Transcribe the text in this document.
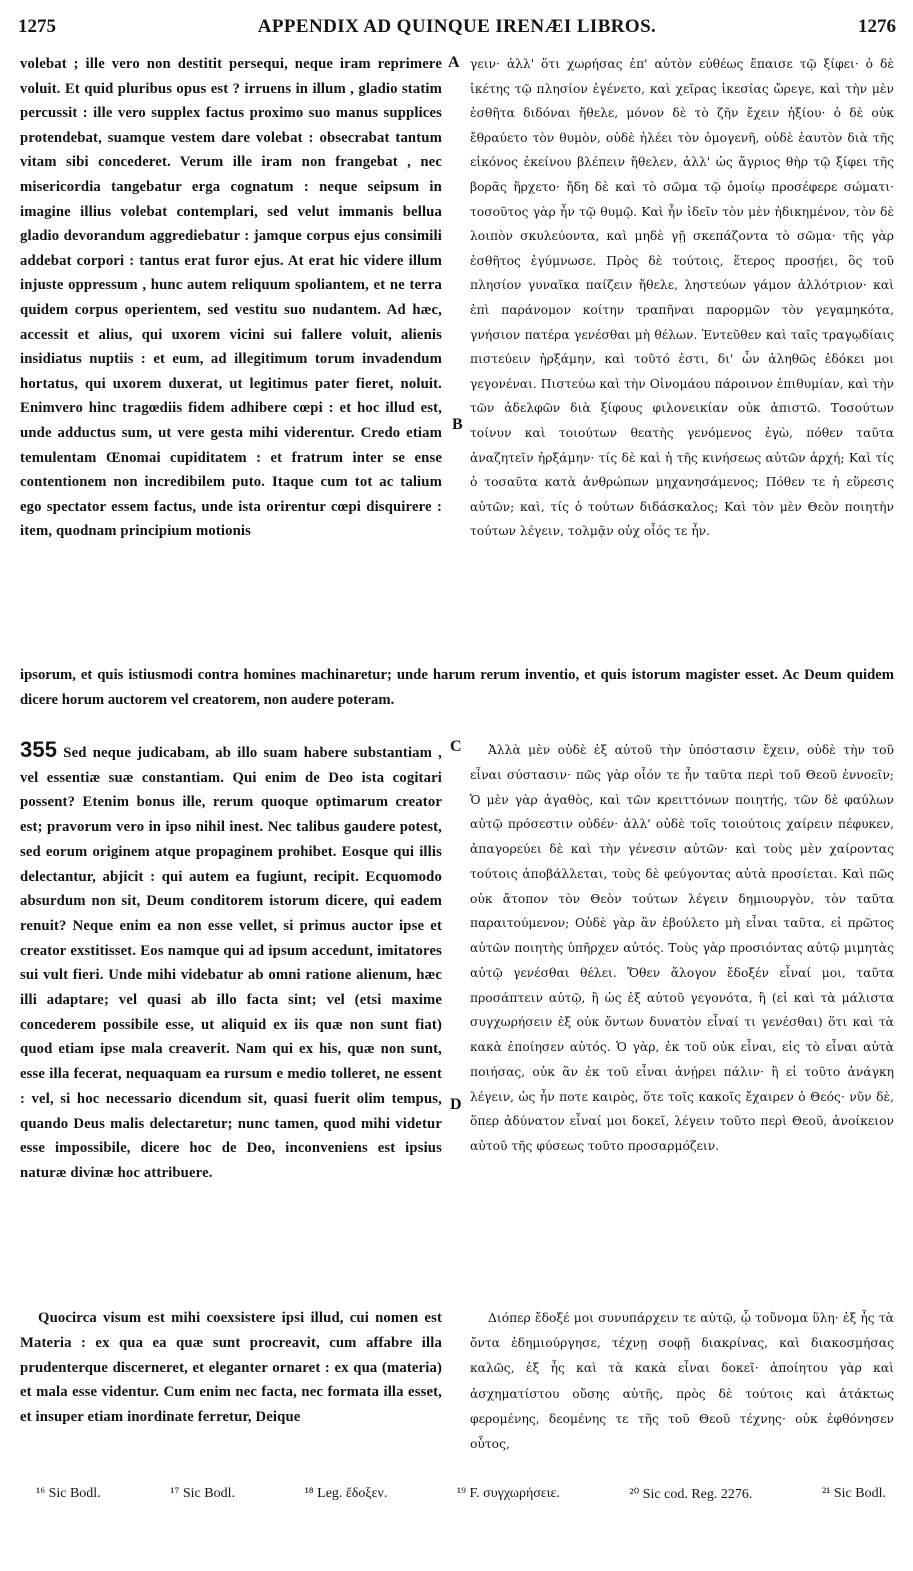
1275	APPENDIX AD QUINQUE IRENÆI LIBROS.	1276
A
B
C
D

volebat ; ille vero non destitit persequi, neque iram reprimere voluit. Et quid pluribus opus est ? irruens in illum , gladio statim percussit : ille vero supplex factus proximo suo manus supplices protendebat, suamque vestem dare volebat : obsecrabat tantum vitam sibi concederet. Verum ille iram non frangebat , nec misericordia tangebatur erga cognatum : neque seipsum in imagine illius volebat contemplari, sed velut immanis bellua gladio devorandum aggrediebatur : jamque corpus ejus consimili addebat corpori : tantus erat furor ejus. At erat hic videre illum injuste oppressum , hunc autem reliquum spoliantem, et ne terra quidem corpus operientem, sed vestitu suo nudantem. Ad hæc, accessit et alius, qui uxorem vicini sui fallere voluit, alienis insidiatus nuptiis : et eum, ad illegitimum torum invadendum hortatus, qui uxorem duxerat, ut legitimus pater fieret, noluit. Enimvero hinc tragœdiis fidem adhibere cœpi : et hoc illud est, unde adductus sum, ut vere gesta mihi viderentur. Credo etiam temulentam Œnomai cupiditatem : et fratrum inter se ense contentionem non incredibilem puto. Itaque cum tot ac talium ego spectator essem factus, unde ista orirentur cœpi disquirere : item, quodnam principium motionis

γειν· ἀλλ' ὅτι χωρήσας ἐπ' αὐτὸν εὐθέως ἔπαισε τῷ ξίφει· ὁ δὲ ἱκέτης τῷ πλησίον ἐγένετο, καὶ χεῖρας ἱκεσίας ὤρεγε, καὶ τὴν μὲν ἐσθῆτα διδόναι ἤθελε, μόνον δὲ τὸ ζῆν ἔχειν ἠξίου· ὁ δὲ οὐκ ἔθραύετο τὸν θυμὸν, οὐδὲ ἠλέει τὸν ὁμογενῆ, οὐδὲ ἑαυτὸν διὰ τῆς εἰκόνος ἐκείνου βλέπειν ἤθελεν, ἀλλ' ὡς ἄγριος θὴρ τῷ ξίφει τῆς βορᾶς ἥρχετο· ἤδη δὲ καὶ τὸ σῶμα τῷ ὁμοίῳ προσέφερε σώματι· τοσοῦτος γὰρ ἦν τῷ θυμῷ. Καὶ ἦν ἰδεῖν τὸν μὲν ἠδικημένον, τὸν δὲ λοιπὸν σκυλεύοντα, καὶ μηδὲ γῇ σκεπάζοντα τὸ σῶμα· τῆς γὰρ ἐσθῆτος ἐγύμνωσε. Πρὸς δὲ τούτοις, ἕτερος προσῄει, ὃς τοῦ πλησίον γυναῖκα παίζειν ἤθελε, ληστεύων γάμον ἀλλότριον· καὶ ἐπὶ παράνομον κοίτην τραπῆναι παρορμῶν τὸν γεγαμηκότα, γνήσιον πατέρα γενέσθαι μὴ θέλων. Ἐντεῦθεν καὶ ταῖς τραγῳδίαις πιστεύειν ἠρξάμην, καὶ τοῦτό ἐστι, δι' ὧν ἀληθῶς ἐδόκει μοι γεγονέναι. Πιστεύω καὶ τὴν Οἰνομάου πάροινον ἐπιθυμίαν, καὶ τὴν τῶν ἀδελφῶν διὰ ξίφους φιλονεικίαν οὐκ ἀπιστῶ. Τοσούτων τοίνυν καὶ τοιούτων θεατὴς γενόμενος ἐγὼ, πόθεν ταῦτα ἀναζητεῖν ἠρξάμην· τίς δὲ καὶ ἡ τῆς κινήσεως αὐτῶν ἀρχή; Καὶ τίς ὁ τοσαῦτα κατὰ ἀνθρώπων μηχανησάμενος; Πόθεν τε ἡ εὕρεσις αὐτῶν; καὶ, τίς ὁ τούτων διδάσκαλος; Καὶ τὸν μὲν Θεὸν ποιητὴν τούτων λέγειν, τολμᾷν οὐχ οἷός τε ἦν.

ipsorum, et quis istiusmodi contra homines machinaretur; unde harum rerum inventio, et quis istorum magister esset. Ac Deum quidem dicere horum auctorem vel creatorem, non audere poteram.

355 Sed neque judicabam, ab illo suam habere substantiam , vel essentiæ suæ constantiam. Qui enim de Deo ista cogitari possent? Etenim bonus ille, rerum quoque optimarum creator est; pravorum vero in ipso nihil inest. Nec talibus gaudere potest, sed eorum originem atque propaginem prohibet. Eosque qui illis delectantur, abjicit : qui autem ea fugiunt, recipit. Ecquomodo absurdum non sit, Deum conditorem istorum dicere, qui eadem renuit? Neque enim ea non esse vellet, si primus auctor ipse et creator exstitisset. Eos namque qui ad ipsum accedunt, imitatores sui vult fieri. Unde mihi videbatur ab omni ratione alienum, hæc illi adaptare; vel quasi ab illo facta sint; vel (etsi maxime concederem possibile esse, ut aliquid ex iis quæ non sunt fiat) quod etiam ipse mala creaverit. Nam qui ex his, quæ non sunt, esse illa fecerat, nequaquam ea rursum e medio tolleret, ne essent : vel, si hoc necessario dicendum sit, quasi fuerit olim tempus, quando Deus malis delectaretur; nunc tamen, quod mihi videtur esse impossibile, dicere hoc de Deo, inconveniens est ipsius naturæ divinæ hoc attribuere.

Quocirca visum est mihi coexsistere ipsi illud, cui nomen est Materia : ex qua ea quæ sunt procreavit, cum affabre illa prudenterque discerneret, et eleganter ornaret : ex qua (materia) et mala esse videntur. Cum enim nec facta, nec formata illa esset, et insuper etiam inordinate ferretur, Deique

Ἀλλὰ μὲν οὐδὲ ἐξ αὐτοῦ τὴν ὑπόστασιν ἔχειν, οὐδὲ τὴν τοῦ εἶναι σύστασιν· πῶς γὰρ οἷόν τε ἦν ταῦτα περὶ τοῦ Θεοῦ ἐννοεῖν; Ὁ μὲν γὰρ ἀγαθὸς, καὶ τῶν κρειττόνων ποιητής, τῶν δὲ φαύλων αὐτῷ πρόσεστιν οὐδέν· ἀλλ' οὐδὲ τοῖς τοιούτοις χαίρειν πέφυκεν, ἀπαγορεύει δὲ καὶ τὴν γένεσιν αὐτῶν· καὶ τοὺς μὲν χαίροντας τούτοις ἀποβάλλεται, τοὺς δὲ φεύγοντας αὐτὰ προσίεται. Καὶ πῶς οὐκ ἄτοπον τὸν Θεὸν τούτων λέγειν δημιουργὸν, τὸν ταῦτα παραιτούμενον; Οὐδὲ γὰρ ἂν ἐβούλετο μὴ εἶναι ταῦτα, εἰ πρῶτος αὐτῶν ποιητὴς ὑπῆρχεν αὐτός. Τοὺς γὰρ προσιόντας αὐτῷ μιμητὰς αὐτῷ γενέσθαι θέλει. Ὅθεν ἄλογον ἔδοξέν εἶναί μοι, ταῦτα προσάπτειν αὐτῷ, ἢ ὡς ἐξ αὐτοῦ γεγονότα, ἢ (εἰ καὶ τὰ μάλιστα συγχωρήσειν ἐξ οὐκ ὄντων δυνατὸν εἶναί τι γενέσθαι) ὅτι καὶ τὰ κακὰ ἐποίησεν αὐτός. Ὁ γὰρ, ἐκ τοῦ οὐκ εἶναι, εἰς τὸ εἶναι αὐτὰ ποιήσας, οὐκ ἂν ἐκ τοῦ εἶναι ἀνῄρει πάλιν· ἢ εἰ τοῦτο ἀνάγκη λέγειν, ὡς ἦν ποτε καιρὸς, ὅτε τοῖς κακοῖς ἔχαιρεν ὁ Θεός· νῦν δὲ, ὅπερ ἀδύνατον εἶναί μοι δοκεῖ, λέγειν τοῦτο περὶ Θεοῦ, ἀνοίκειον αὐτοῦ τῆς φύσεως τοῦτο προσαρμόζειν.

Διόπερ ἔδοξέ μοι συνυπάρχειν τε αὐτῷ, ᾧ τοὔνομα ὕλη· ἐξ ἧς τὰ ὄντα ἐδημιούργησε, τέχνῃ σοφῇ διακρίνας, καὶ διακοσμήσας καλῶς, ἐξ ἧς καὶ τὰ κακὰ εἶναι δοκεῖ· ἀποίητου γὰρ καὶ ἀσχηματίστου οὔσης αὐτῆς, πρὸς δὲ τούτοις καὶ ἀτάκτως φερομένης, δεομένης τε τῆς τοῦ Θεοῦ τέχνης· οὐκ ἐφθόνησεν οὗτος,

¹⁶ Sic Bodl.	¹⁷ Sic Bodl.	¹⁸ Leg. ἔδοξεν.	¹⁹ F. συγχωρήσειε.	²⁰ Sic cod. Reg. 2276.	²¹ Sic Bodl.
